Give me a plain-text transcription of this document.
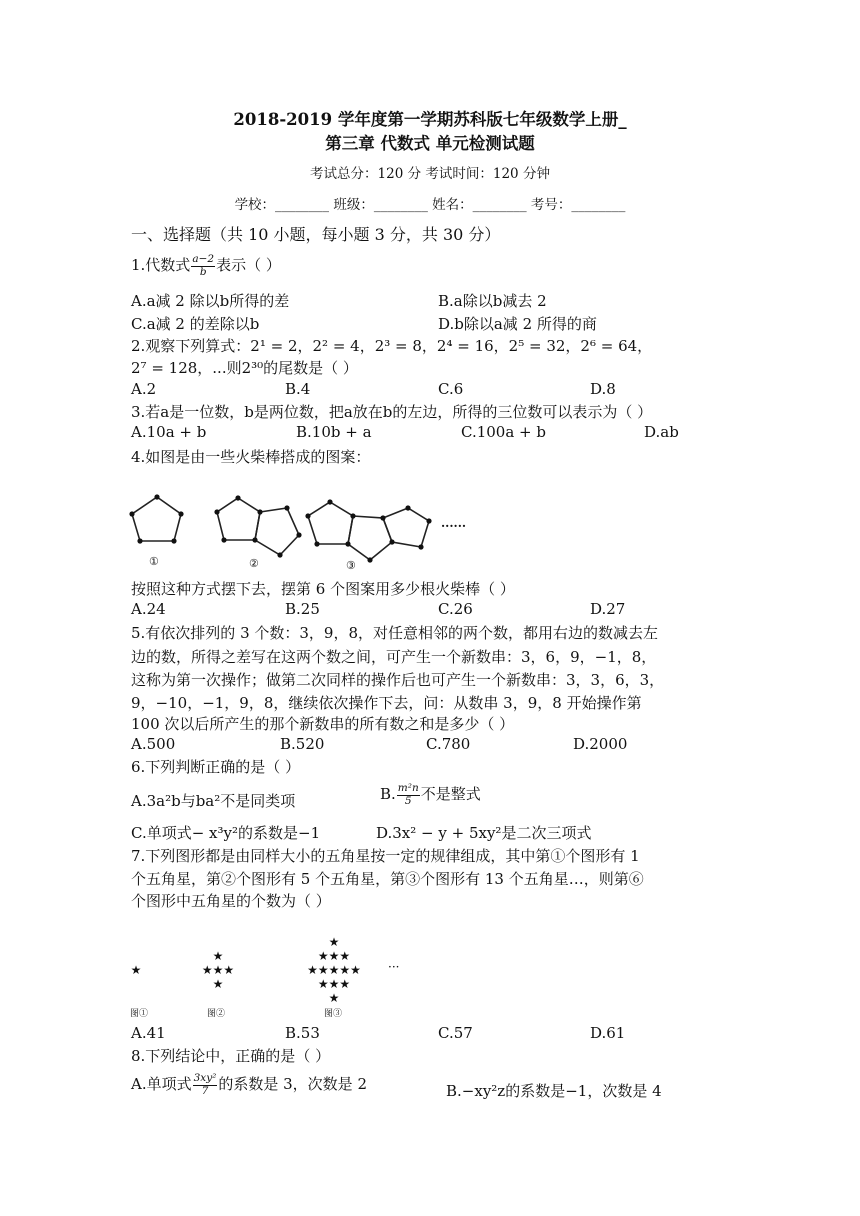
2018-2019 学年度第一学期苏科版七年级数学上册_
第三章 代数式 单元检测试题
考试总分：120 分 考试时间：120 分钟
学校：________ 班级：________ 姓名：________ 考号：________
一、选择题（共 10 小题，每小题 3 分，共 30 分）
1.代数式 $\frac{a-2}{b}$ 表示（ ）
A.a减 2 除以b所得的差	B.a除以b减去 2
C.a减 2 的差除以b	D.b除以a减 2 所得的商
2.观察下列算式：2¹ = 2，2² = 4，2³ = 8，2⁴ = 16，2⁵ = 32，2⁶ = 64，
2⁷ = 128，...则2³⁰的尾数是（ ）
A.2	B.4	C.6	D.8
3.若a是一位数，b是两位数，把a放在b的左边，所得的三位数可以表示为（ ）
A.10a + b	B.10b + a	C.100a + b	D.ab
4.如图是由一些火柴棒搭成的图案：
①	②	③
......
按照这种方式摆下去，摆第 6 个图案用多少根火柴棒（ ）
A.24	B.25	C.26	D.27
5.有依次排列的 3 个数：3，9，8，对任意相邻的两个数，都用右边的数减去左
边的数，所得之差写在这两个数之间，可产生一个新数串：3，6，9，−1，8，
这称为第一次操作；做第二次同样的操作后也可产生一个新数串：3，3，6，3，
9，−10，−1，9，8，继续依次操作下去，问：从数串 3，9，8 开始操作第
100 次以后所产生的那个新数串的所有数之和是多少（ ）
A.500	B.520	C.780	D.2000
6.下列判断正确的是（ ）
A.3a²b与ba²不是同类项	B. $\frac{\text{m²n}}{5}$ 不是整式
C.单项式− x³y²的系数是−1	D.3x² − y + 5xy²是二次三项式
7.下列图形都是由同样大小的五角星按一定的规律组成，其中第①个图形有 1
个五角星，第②个图形有 5 个五角星，第③个图形有 13 个五角星…，则第⑥
个图形中五角星的个数为（ ）
★
★
★★★
★
★
★★★
★★★★★
★★★
★
···
图①	图②	图③
A.41	B.53	C.57	D.61
8.下列结论中，正确的是（ ）
A.单项式 $\frac{\text{3xy²}}{7}$ 的系数是 3，次数是 2	B.−xy²z的系数是−1，次数是 4
